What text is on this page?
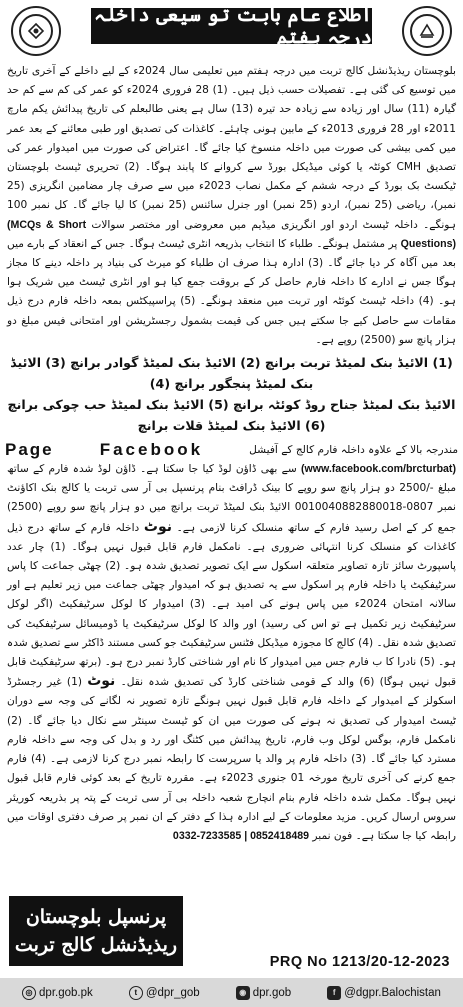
اطلاع عام بابت تو سیعی داخلہ درجہ ہفتم

بلوچستان ریذیڈنشل کالج تربت میں درجہ ہفتم میں تعلیمی سال 2024ء کے لیے داخلے کے آخری تاریخ میں توسیع کی گئی ہے۔ تفصیلات حسب ذیل ہیں۔ (1) 28 فروری 2024ء کو عمر کی کم سے کم حد گیارہ (11) سال اور زیادہ سے زیادہ حد تیرہ (13) سال ہے یعنی طالبعلم کی تاریخ پیدائش یکم مارچ 2011ء اور 28 فروری 2013ء کے مابین ہونی چاہئے۔ کاغذات کی تصدیق اور طبی معائنے کے بعد عمر میں کمی بیشی کی صورت میں داخلہ منسوخ کیا جائے گا۔ اعتراض کی صورت میں امیدوار عمر کی تصدیق CMH کوئٹہ یا کوئی میڈیکل بورڈ سے کروانے کا پابند ہوگا۔ (2) تحریری ٹیسٹ بلوچستان ٹیکسٹ بک بورڈ کے درجہ ششم کے مکمل نصاب 2023ء میں سے صرف چار مضامین انگریزی (25 نمبر)، ریاضی (25 نمبر)، اردو (25 نمبر) اور جنرل سائنس (25 نمبر) کا لیا جائے گا۔ کل نمبر 100 ہونگے۔ داخلہ ٹیسٹ اردو اور انگریزی میڈیم میں معروضی اور مختصر سوالات (MCQs & Short Questions) پر مشتمل ہونگے۔ طلباء کا انتخاب بذریعہ انٹری ٹیسٹ ہوگا۔ جس کے انعقاد کے بارے میں بعد میں آگاہ کر دیا جائے گا۔ (3) ادارہ ہذا صرف ان طلباء کو میرٹ کی بنیاد پر داخلہ دینے کا مجاز ہوگا جس نے ادارے کا داخلہ فارم حاصل کر کے بروقت جمع کیا ہو اور انٹری ٹیسٹ میں شریک ہوا ہو۔ (4) داخلہ ٹیسٹ کوئٹہ اور تربت میں منعقد ہونگے۔ (5) پراسپیکٹس بمعہ داخلہ فارم درج ذیل مقامات سے حاصل کیے جا سکتے ہیں جس کی قیمت بشمول رجسٹریشن اور امتحانی فیس مبلغ دو ہزار پانچ سو (2500) روپے ہے۔

(1) الائیڈ بنک لمیٹڈ تربت برانچ (2) الائیڈ بنک لمیٹڈ گوادر برانچ (3) الائیڈ بنک لمیٹڈ پنجگور برانچ (4)
الائیڈ بنک لمیٹڈ جناح روڈ کوئٹہ برانچ (5) الائیڈ بنک لمیٹڈ حب چوکی برانچ (6) الائیڈ بنک لمیٹڈ قلات برانچ
مندرجہ بالا کے علاوہ داخلہ فارم کالج کے آفیشل
Facebook
Page

(www.facebook.com/brcturbat) سے بھی ڈاؤن لوڈ کیا جا سکتا ہے۔ ڈاؤن لوڈ شدہ فارم کے ساتھ مبلغ -/2500 دو ہزار پانچ سو روپے کا بینک ڈرافٹ بنام پرنسپل بی آر سی تربت یا کالج بنک اکاؤنٹ نمبر 0807-0010040882880018 الائیڈ بنک لمیٹڈ تربت برانچ میں دو ہزار پانچ سو روپے (2500) جمع کر کے اصل رسید فارم کے ساتھ منسلک کرنا لازمی ہے۔ نوٹ داخلہ فارم کے ساتھ درج ذیل کاغذات کو منسلک کرنا انتہائی ضروری ہے۔ نامکمل فارم قابل قبول نہیں ہوگا۔ (1) چار عدد پاسپورٹ سائز تازہ تصاویر متعلقہ اسکول سے ایک تصویر تصدیق شدہ ہو۔ (2) چھٹی جماعت کا پاس سرٹیفکیٹ یا داخلہ فارم پر اسکول سے یہ تصدیق ہو کہ امیدوار چھٹی جماعت میں زیر تعلیم ہے اور سالانہ امتحان 2024ء میں پاس ہونے کی امید ہے۔ (3) امیدوار کا لوکل سرٹیفکیٹ (اگر لوکل سرٹیفکیٹ زیر تکمیل ہے تو اس کی رسید) اور والد کا لوکل سرٹیفکیٹ یا ڈومیسائل سرٹیفکیٹ کی تصدیق شدہ نقل۔ (4) کالج کا مجوزہ میڈیکل فٹنس سرٹیفکیٹ جو کسی مستند ڈاکٹر سے تصدیق شدہ ہو۔ (5) نادرا کا ب فارم جس میں امیدوار کا نام اور شناختی کارڈ نمبر درج ہو۔ (برتھ سرٹیفکیٹ قابل قبول نہیں ہوگا) (6) والد کے قومی شناختی کارڈ کی تصدیق شدہ نقل۔ نوٹ (1) غیر رجسٹرڈ اسکولز کے امیدوار کے داخلہ فارم قابل قبول نہیں ہونگے تازہ تصویر نہ لگانے کی وجہ سے دوران ٹیسٹ امیدوار کی تصدیق نہ ہونے کی صورت میں ان کو ٹیسٹ سینٹر سے نکال دیا جائے گا۔ (2) نامکمل فارم، بوگس لوکل وب فارم، تاریخ پیدائش میں کٹنگ اور رد و بدل کی وجہ سے داخلہ فارم مسترد کیا جائے گا۔ (3) داخلہ فارم پر والد یا سرپرست کا رابطہ نمبر درج کرنا لازمی ہے۔ (4) فارم جمع کرنے کی آخری تاریخ مورخہ 01 جنوری 2023ء ہے۔ مقررہ تاریخ کے بعد کوئی فارم قابل قبول نہیں ہوگا۔ مکمل شدہ داخلہ فارم بنام انچارج شعبہ داخلہ بی آر سی تربت کے پتہ پر بذریعہ کوریئر سروس ارسال کریں۔ مزید معلومات کے لیے ادارہ ہذا کے دفتر کے ان نمبر پر صرف دفتری اوقات میں رابطہ کیا جا سکتا ہے۔ فون نمبر 0332-7233585 | 0852418489

پرنسپل بلوچستان
ریذیڈنشل کالج تربت
PRQ No 1213/20-12-2023
◎ dpr.gob.pk	t @dpr_gob	◉ dpr.gob	f @dgpr.Balochistan
